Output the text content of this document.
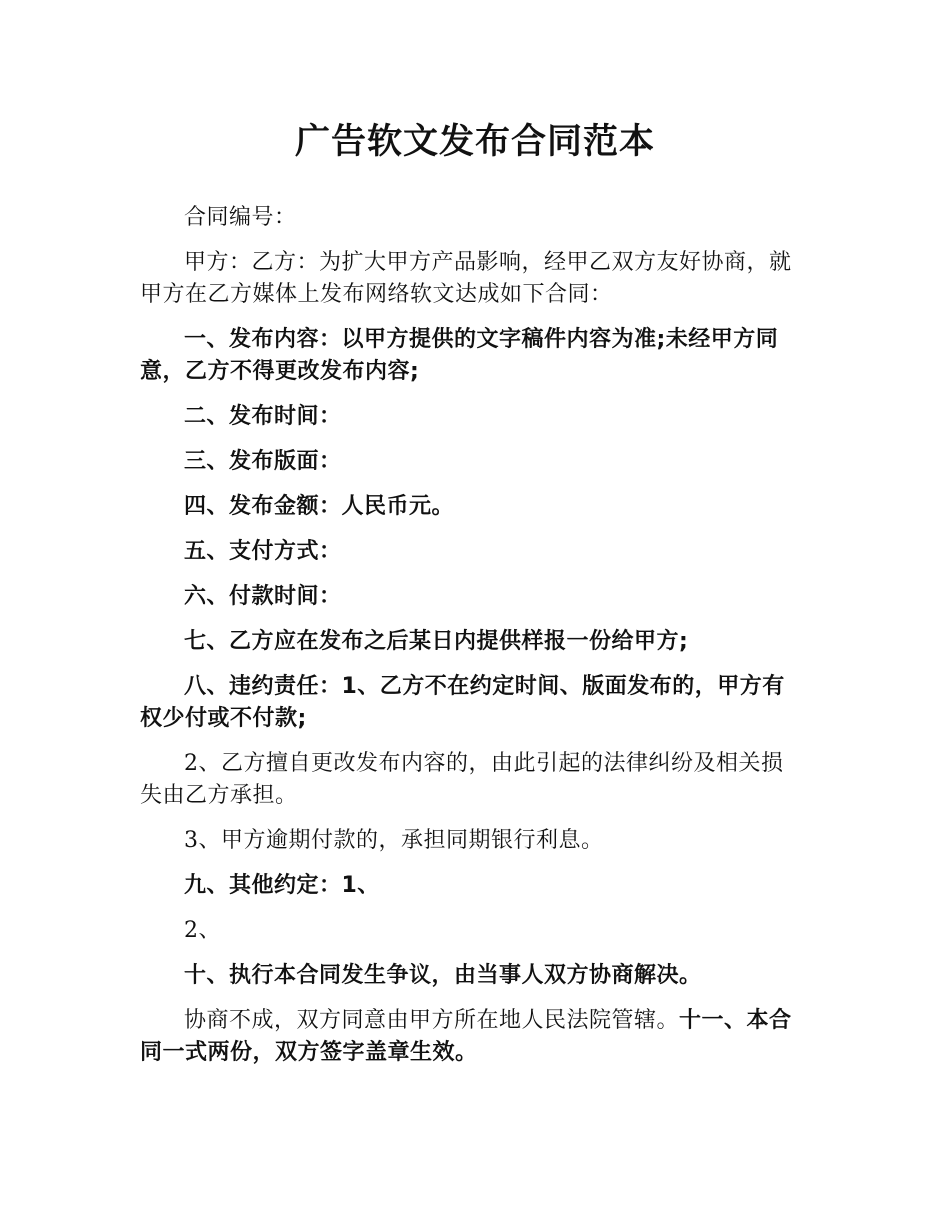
广告软文发布合同范本

合同编号：

甲方：乙方：为扩大甲方产品影响，经甲乙双方友好协商，就甲方在乙方媒体上发布网络软文达成如下合同：

一、发布内容：以甲方提供的文字稿件内容为准;未经甲方同意，乙方不得更改发布内容;

二、发布时间：

三、发布版面：

四、发布金额：人民币元。

五、支付方式：

六、付款时间：

七、乙方应在发布之后某日内提供样报一份给甲方;

八、违约责任：1、乙方不在约定时间、版面发布的，甲方有权少付或不付款;

2、乙方擅自更改发布内容的，由此引起的法律纠纷及相关损失由乙方承担。

3、甲方逾期付款的，承担同期银行利息。

九、其他约定：1、

2、

十、执行本合同发生争议，由当事人双方协商解决。

协商不成，双方同意由甲方所在地人民法院管辖。十一、本合同一式两份，双方签字盖章生效。
